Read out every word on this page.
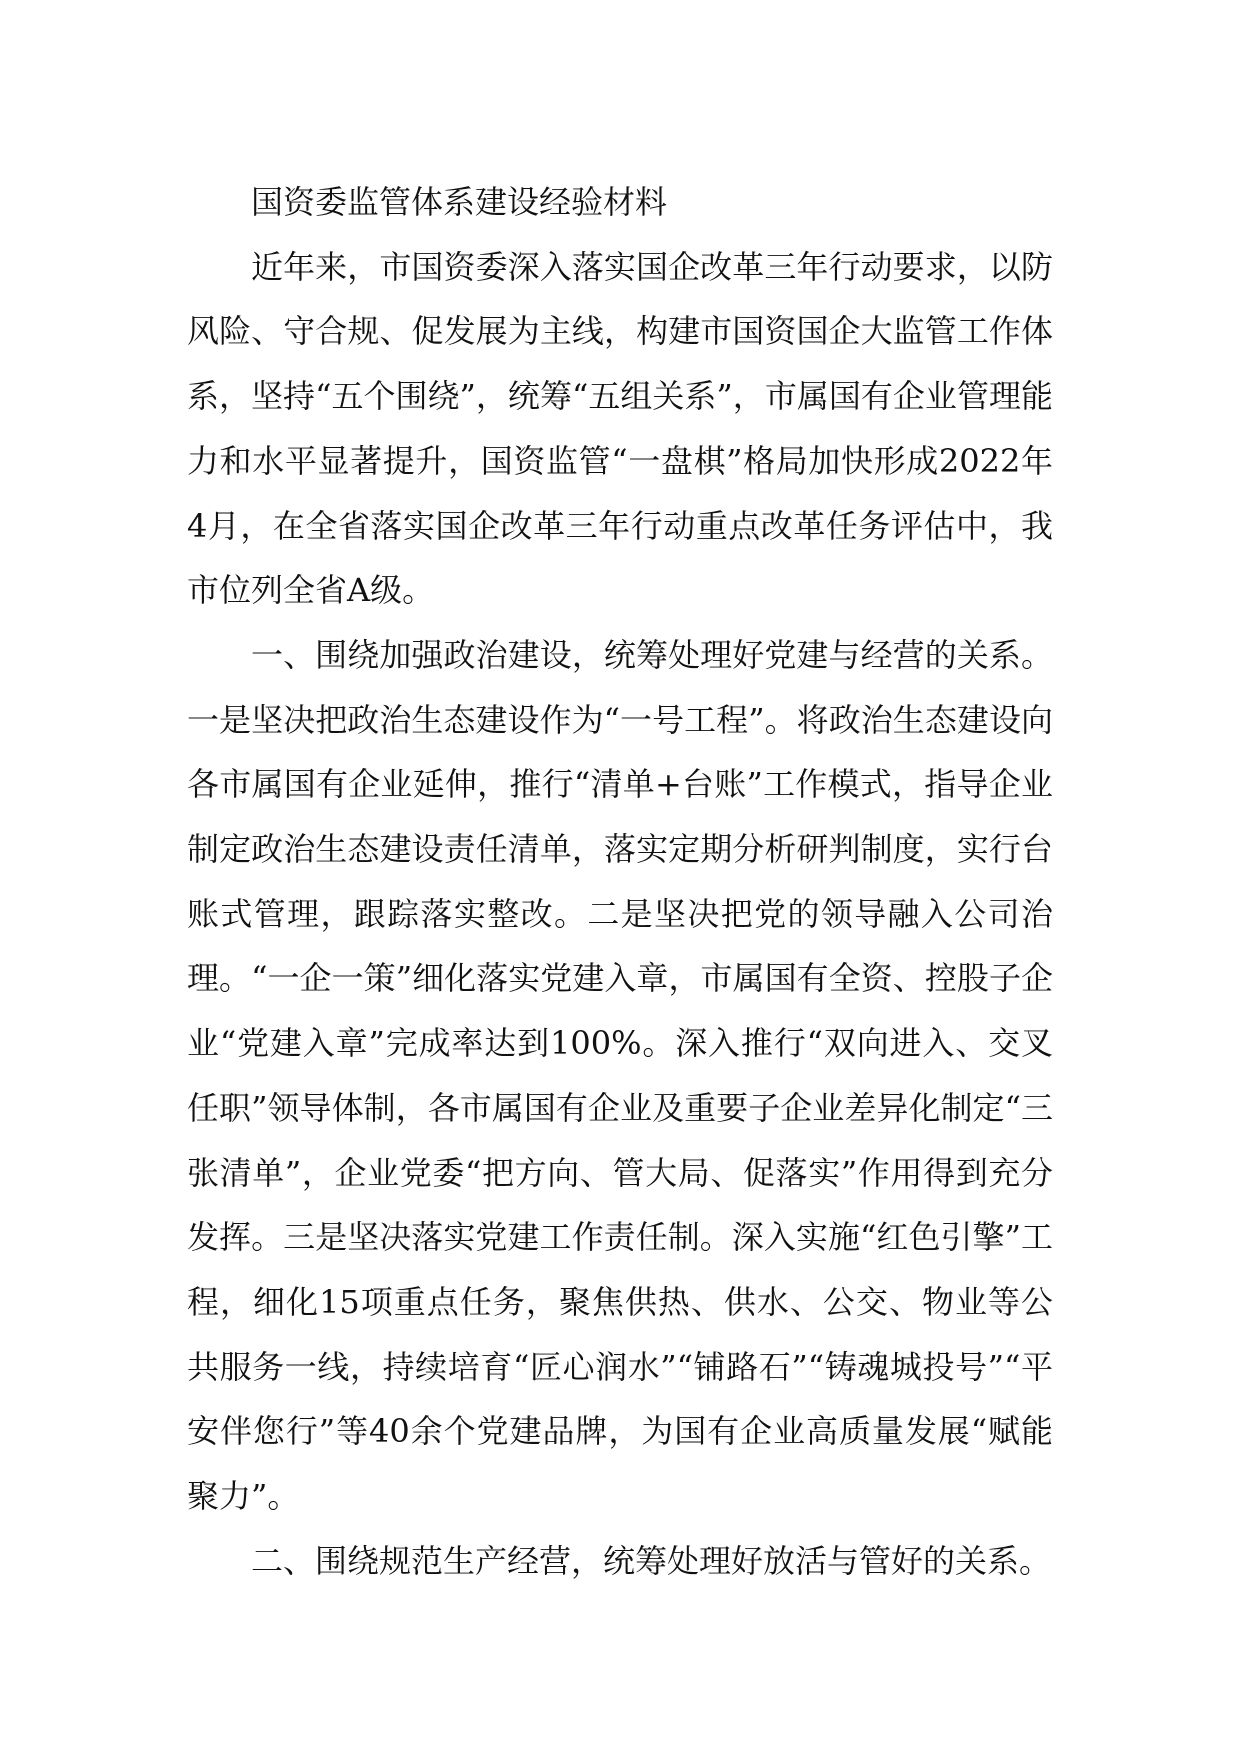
国资委监管体系建设经验材料

近年来，市国资委深入落实国企改革三年行动要求，以防风险、守合规、促发展为主线，构建市国资国企大监管工作体系，坚持“五个围绕”，统筹“五组关系”，市属国有企业管理能力和水平显著提升，国资监管“一盘棋”格局加快形成2022年4月，在全省落实国企改革三年行动重点改革任务评估中，我市位列全省A级。

一、围绕加强政治建设，统筹处理好党建与经营的关系。一是坚决把政治生态建设作为“一号工程”。将政治生态建设向各市属国有企业延伸，推行“清单+台账”工作模式，指导企业制定政治生态建设责任清单，落实定期分析研判制度，实行台账式管理，跟踪落实整改。二是坚决把党的领导融入公司治理。“一企一策”细化落实党建入章，市属国有全资、控股子企业“党建入章”完成率达到100%。深入推行“双向进入、交叉任职”领导体制，各市属国有企业及重要子企业差异化制定“三张清单”，企业党委“把方向、管大局、促落实”作用得到充分发挥。三是坚决落实党建工作责任制。深入实施“红色引擎”工程，细化15项重点任务，聚焦供热、供水、公交、物业等公共服务一线，持续培育“匠心润水”“铺路石”“铸魂城投号”“平安伴您行”等40余个党建品牌，为国有企业高质量发展“赋能聚力”。

二、围绕规范生产经营，统筹处理好放活与管好的关系。
